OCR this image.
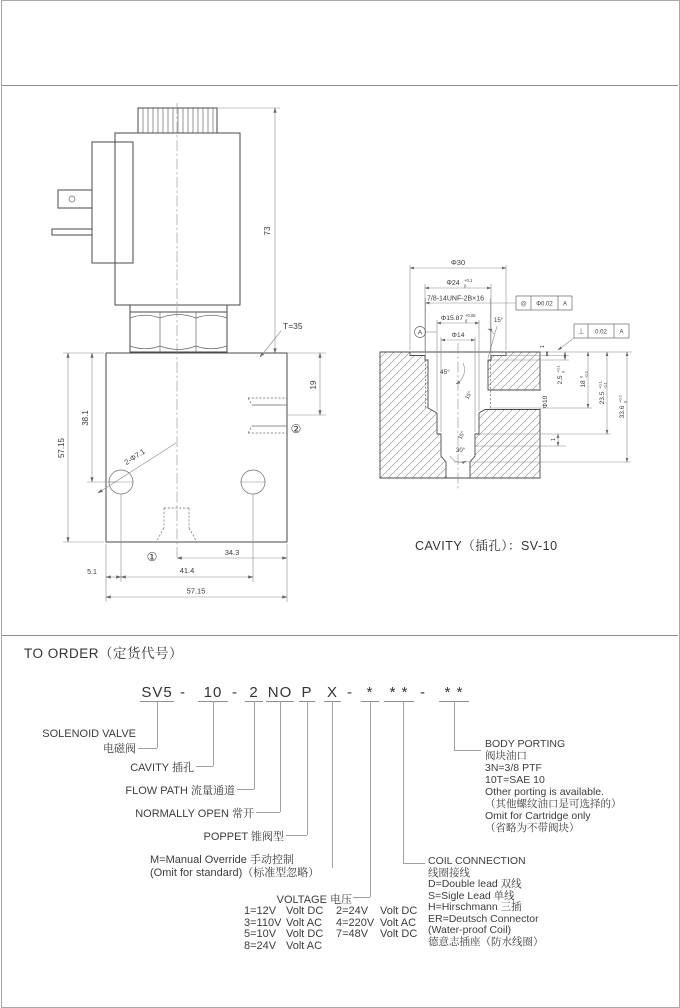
73
T=35
19
57.15
38.1
2-Φ7.1
34.3
5.1	41.4
57.15
①
②
Φ30
Φ24 +0.1
0
7/8-14UNF-2B×16
Φ15.87 +0.05
0
Φ14
15°
45°
15°
Φ10
30°
15°
1
2.5
+0.1 0
18
0 -0.2
23.5
+0.1 -0.1
33.6
+0.2 0
1
◎ Φ0.02 A
⊥ 0.02 A
A
CAVITY（插孔）：SV-10
TO ORDER（定货代号）
SV5 -	10 - 2 NO P X - *	* * -	* *
SOLENOID VALVE
电磁阀
CAVITY 插孔
FLOW PATH 流量通道
NORMALLY OPEN 常开
POPPET 锥阀型
M=Manual Override 手动控制
(Omit for standard)（标准型忽略）
VOLTAGE 电压
1=12V Volt DC	2=24V	Volt DC
3=110V Volt AC	4=220V Volt AC
5=10V Volt DC	7=48V	Volt DC
8=24V Volt AC
COIL CONNECTION
线圈接线
D=Double lead 双线
S=Sigle Lead 单线
H=Hirschmann 三插
ER=Deutsch Connector
(Water-proof Coil)
德意志插座（防水线圈）
BODY PORTING
阀块油口
3N=3/8 PTF
10T=SAE 10
Other porting is available.
（其他螺纹油口是可选择的）
Omit for Cartridge only
（省略为不带阀块）
